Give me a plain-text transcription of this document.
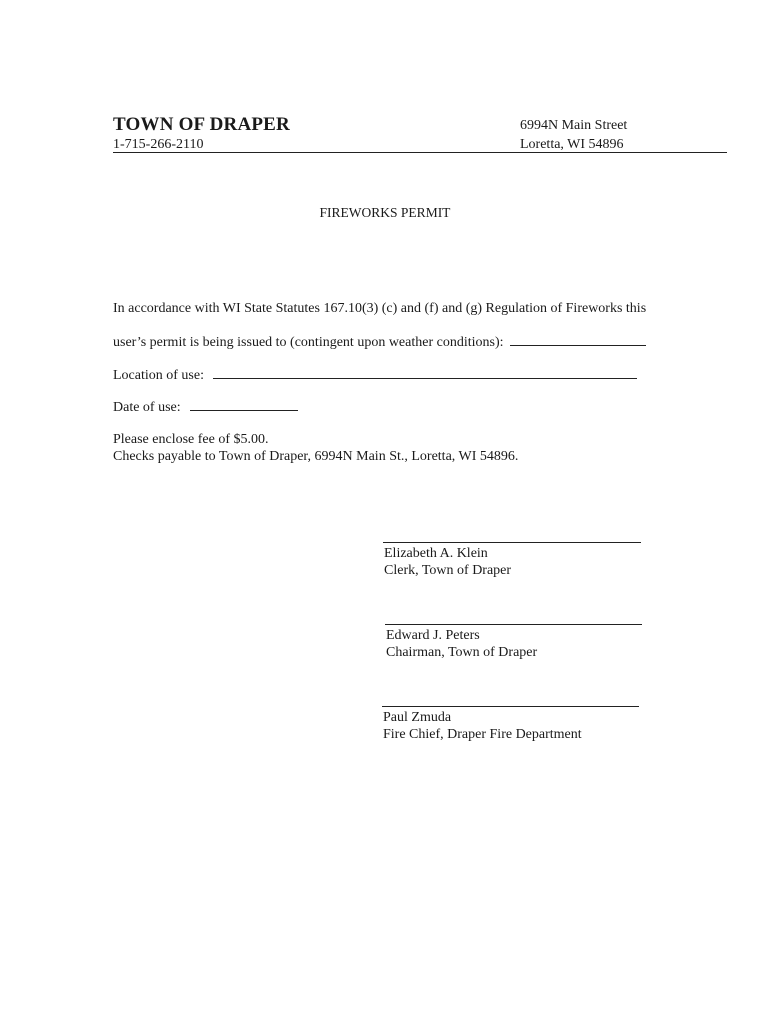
TOWN OF DRAPER
1-715-266-2110
6994N Main Street
Loretta, WI 54896
FIREWORKS PERMIT
In accordance with WI State Statutes 167.10(3) (c) and (f) and (g) Regulation of Fireworks this
user’s permit is being issued to (contingent upon weather conditions):
Location of use:
Date of use:
Please enclose fee of $5.00.
Checks payable to Town of Draper, 6994N Main St., Loretta, WI 54896.
Elizabeth A. Klein
Clerk, Town of Draper
Edward J. Peters
Chairman, Town of Draper
Paul Zmuda
Fire Chief, Draper Fire Department
